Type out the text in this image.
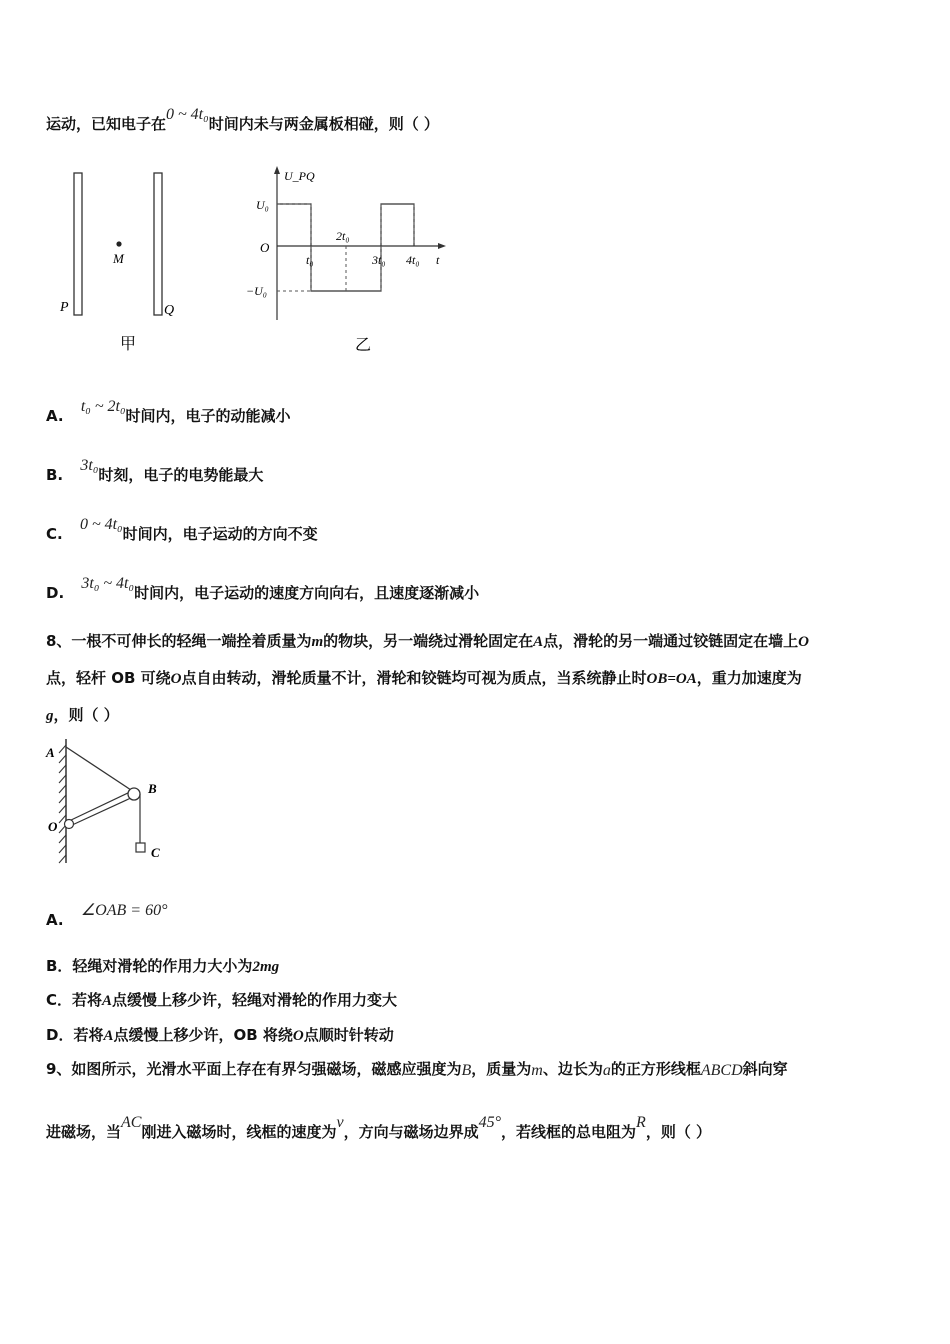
运动，已知电子在0 ~ 4t₀时间内未与两金属板相碰，则（ ）
M
P	Q
甲
U_PQ
U₀
O
−U₀
2t₀
t₀	3t₀ 4t₀ t
乙
A. t₀ ~ 2t₀时间内，电子的动能减小
B. 3t₀时刻，电子的电势能最大
C. 0 ~ 4t₀时间内，电子运动的方向不变
D. 3t₀ ~ 4t₀时间内，电子运动的速度方向向右，且速度逐渐减小
8、一根不可伸长的轻绳一端拴着质量为m的物块，另一端绕过滑轮固定在A点，滑轮的另一端通过铰链固定在墙上O
点，轻杆 OB 可绕O点自由转动，滑轮质量不计，滑轮和铰链均可视为质点，当系统静止时OB=OA，重力加速度为
g，则（ ）
A
B
O
C
A. ∠OAB = 60°
B．轻绳对滑轮的作用力大小为2mg
C．若将A点缓慢上移少许，轻绳对滑轮的作用力变大
D．若将A点缓慢上移少许，OB 将绕O点顺时针转动
9、如图所示，光滑水平面上存在有界匀强磁场，磁感应强度为B，质量为m、边长为a的正方形线框ABCD斜向穿
进磁场，当AC刚进入磁场时，线框的速度为v，方向与磁场边界成45°，若线框的总电阻为R，则（ ）
